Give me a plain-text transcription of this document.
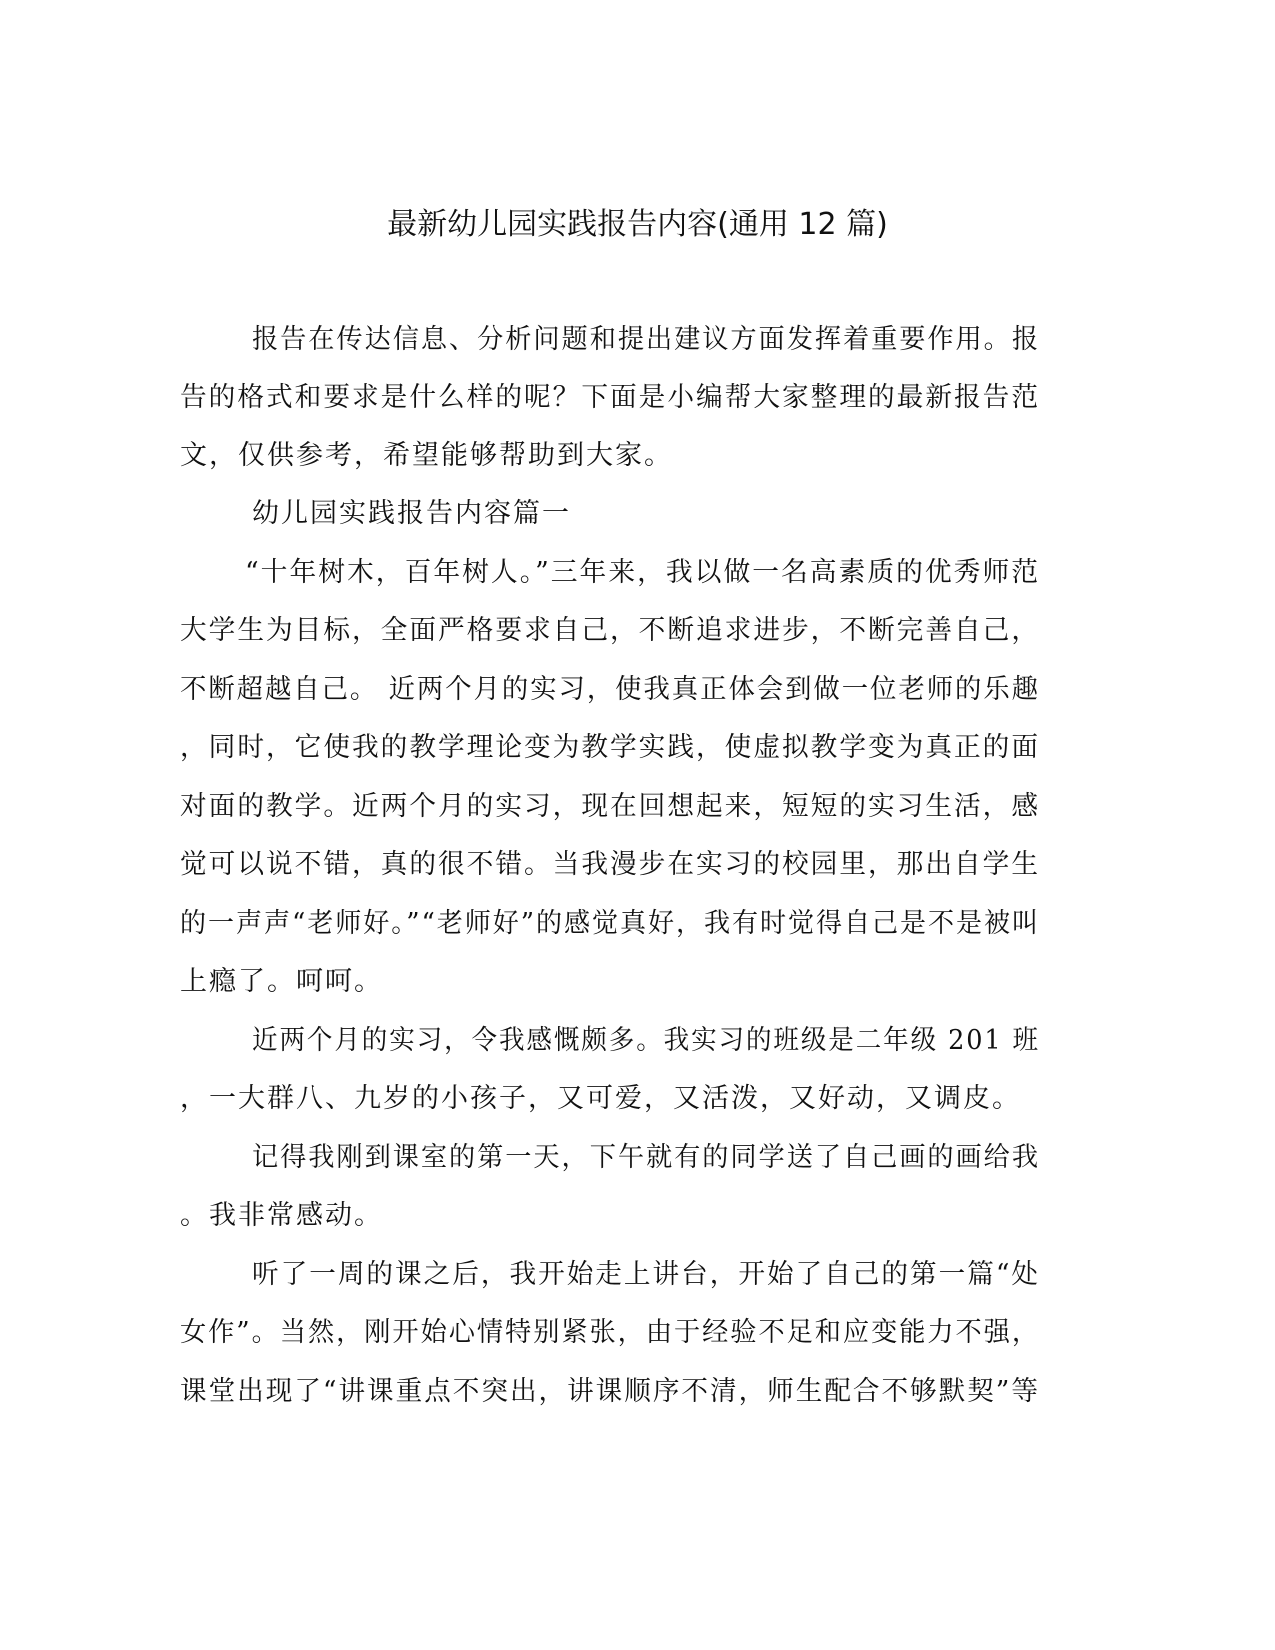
最新幼儿园实践报告内容(通用 12 篇)
报告在传达信息、分析问题和提出建议方面发挥着重要作用。报
告的格式和要求是什么样的呢？下面是小编帮大家整理的最新报告范
文，仅供参考，希望能够帮助到大家。
幼儿园实践报告内容篇一
“十年树木，百年树人。”三年来，我以做一名高素质的优秀师范
大学生为目标，全面严格要求自己，不断追求进步，不断完善自己，
不断超越自己。 近两个月的实习，使我真正体会到做一位老师的乐趣
，同时，它使我的教学理论变为教学实践，使虚拟教学变为真正的面
对面的教学。近两个月的实习，现在回想起来，短短的实习生活，感
觉可以说不错，真的很不错。当我漫步在实习的校园里，那出自学生
的一声声“老师好。”“老师好”的感觉真好，我有时觉得自己是不是被叫
上瘾了。呵呵。
近两个月的实习，令我感慨颇多。我实习的班级是二年级 201 班
，一大群八、九岁的小孩子，又可爱，又活泼，又好动，又调皮。
记得我刚到课室的第一天，下午就有的同学送了自己画的画给我
。我非常感动。
听了一周的课之后，我开始走上讲台，开始了自己的第一篇“处
女作”。当然，刚开始心情特别紧张，由于经验不足和应变能力不强，
课堂出现了“讲课重点不突出，讲课顺序不清，师生配合不够默契”等
